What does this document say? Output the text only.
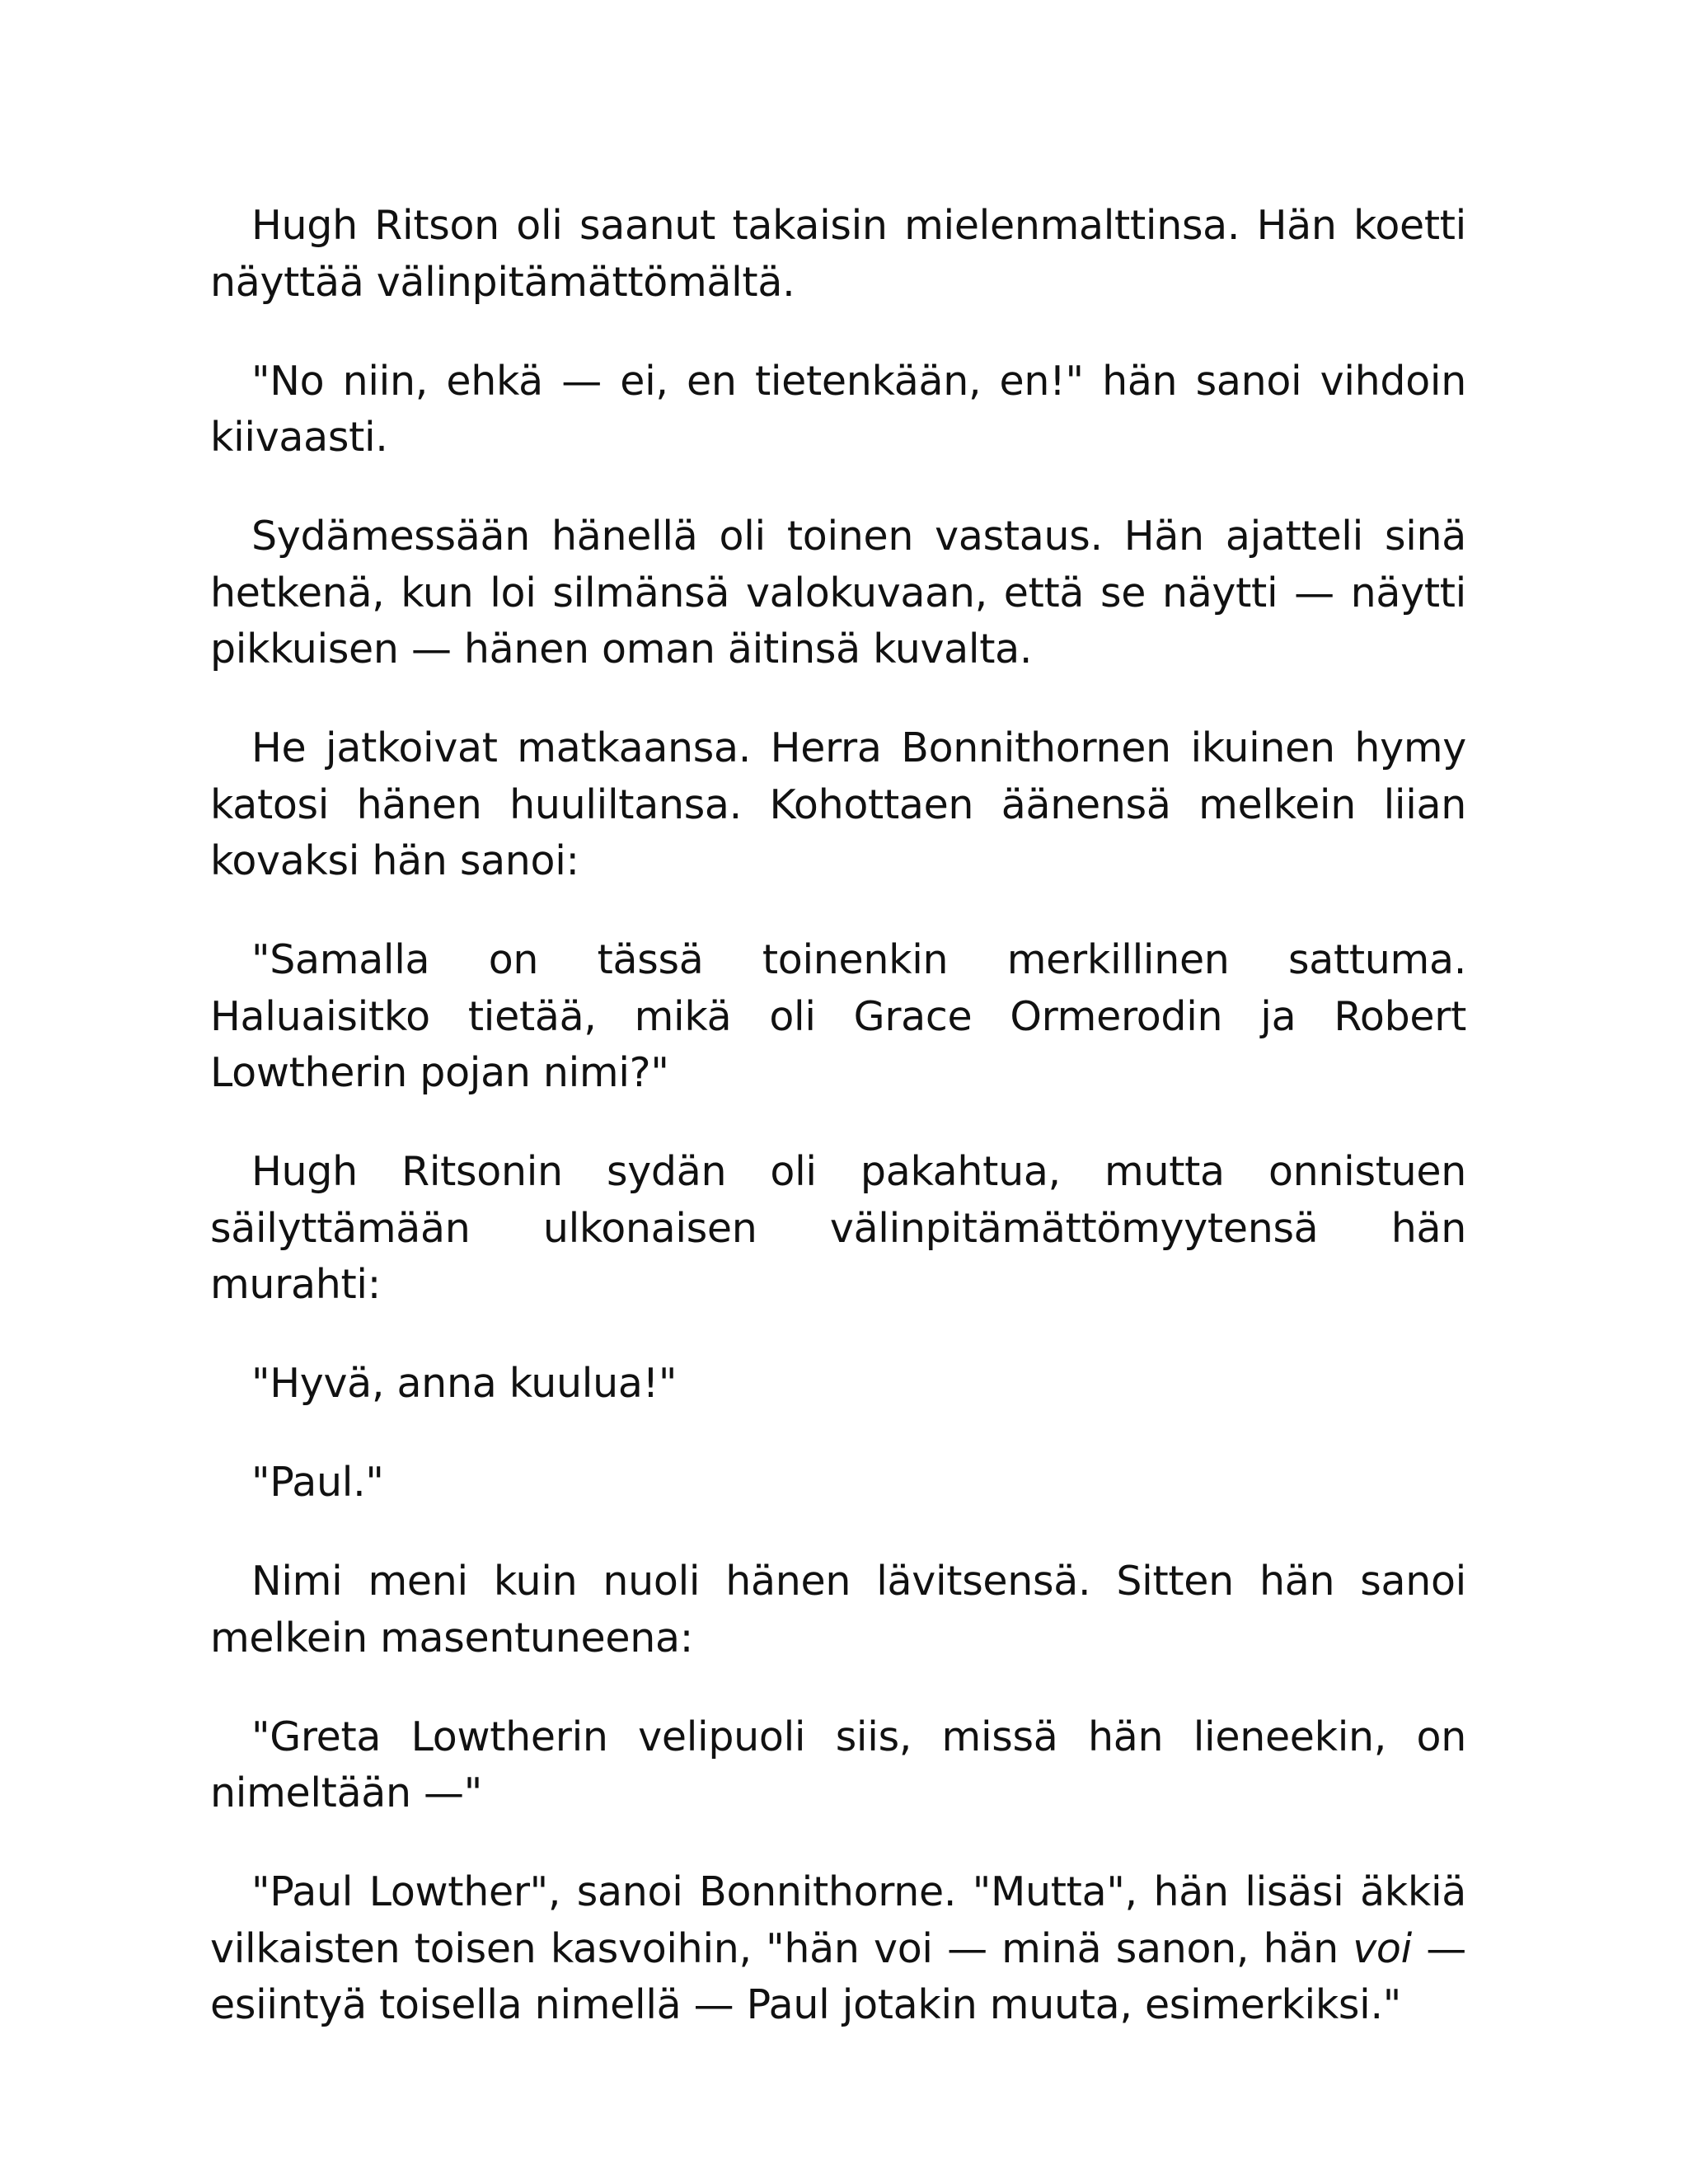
Hugh Ritson oli saanut takaisin mielenmalttinsa. Hän koetti näyttää välinpitämättömältä.

"No niin, ehkä — ei, en tietenkään, en!" hän sanoi vihdoin kiivaasti.

Sydämessään hänellä oli toinen vastaus. Hän ajatteli sinä hetkenä, kun loi silmänsä valokuvaan, että se näytti — näytti pikkuisen — hänen oman äitinsä kuvalta.

He jatkoivat matkaansa. Herra Bonnithornen ikuinen hymy katosi hänen huuliltansa. Kohottaen äänensä melkein liian kovaksi hän sanoi:

"Samalla on tässä toinenkin merkillinen sattuma. Haluaisitko tietää, mikä oli Grace Ormerodin ja Robert Lowtherin pojan nimi?"

Hugh Ritsonin sydän oli pakahtua, mutta onnistuen säilyttämään ulkonaisen välinpitämättömyytensä hän murahti:

"Hyvä, anna kuulua!"

"Paul."

Nimi meni kuin nuoli hänen lävitsensä. Sitten hän sanoi melkein masentuneena:

"Greta Lowtherin velipuoli siis, missä hän lieneekin, on nimeltään —"

"Paul Lowther", sanoi Bonnithorne. "Mutta", hän lisäsi äkkiä vilkaisten toisen kasvoihin, "hän voi — minä sanon, hän voi — esiintyä toisella nimellä — Paul jotakin muuta, esimerkiksi."
